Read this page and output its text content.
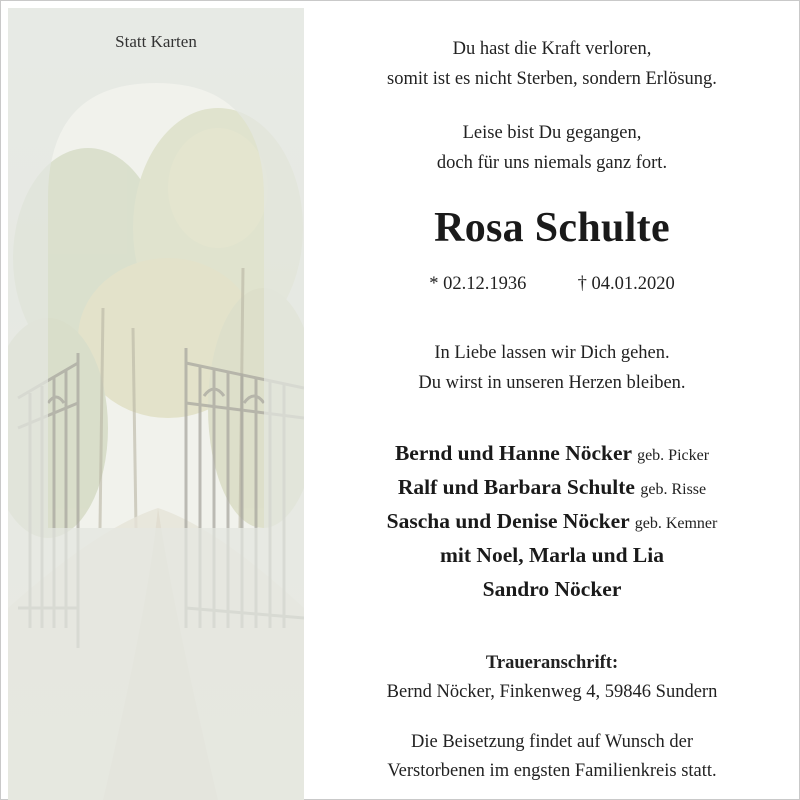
Statt Karten	Du hast die Kraft verloren,
somit ist es nicht Sterben, sondern Erlösung.
Leise bist Du gegangen,
doch für uns niemals ganz fort.
Rosa Schulte
* 02.12.1936	† 04.01.2020
In Liebe lassen wir Dich gehen.
Du wirst in unseren Herzen bleiben.
Bernd und Hanne Nöcker geb. Picker
Ralf und Barbara Schulte geb. Risse
Sascha und Denise Nöcker geb. Kemner
mit Noel, Marla und Lia
Sandro Nöcker
Traueranschrift:
Bernd Nöcker, Finkenweg 4, 59846 Sundern
Die Beisetzung findet auf Wunsch der
Verstorbenen im engsten Familienkreis statt.
